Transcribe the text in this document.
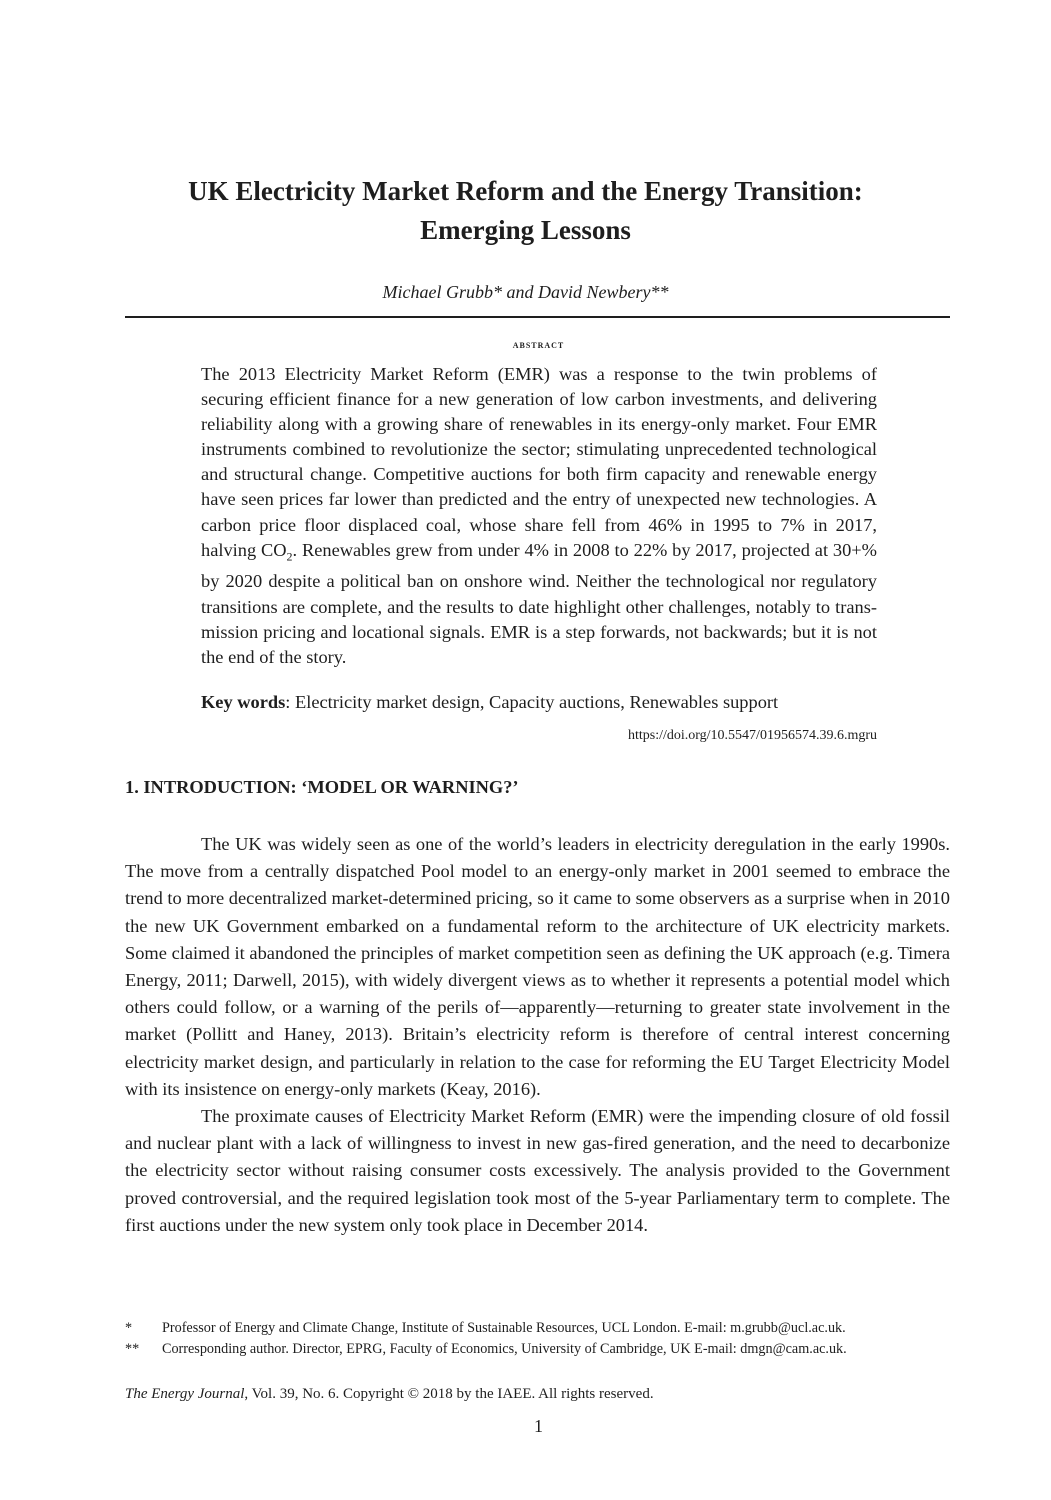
UK Electricity Market Reform and the Energy Transition:
Emerging Lessons
Michael Grubb* and David Newbery**
abstract
The 2013 Electricity Market Reform (EMR) was a response to the twin problems of securing efficient finance for a new generation of low carbon investments, and delivering reliability along with a growing share of renewables in its energy-only market. Four EMR instruments combined to revolutionize the sector; stimulating unprecedented technological and structural change. Competitive auctions for both firm capacity and renewable energy have seen prices far lower than predicted and the entry of unexpected new technologies. A carbon price floor displaced coal, whose share fell from 46% in 1995 to 7% in 2017, halving $CO_2$. Renewables grew from under 4% in 2008 to 22% by 2017, projected at 30+% by 2020 despite a political ban on onshore wind. Neither the technological nor regulatory transitions are complete, and the results to date highlight other challenges, notably to trans-mission pricing and locational signals. EMR is a step forwards, not backwards; but it is not the end of the story.
Key words: Electricity market design, Capacity auctions, Renewables support
https://doi.org/10.5547/01956574.39.6.mgru
1. INTRODUCTION: ‘MODEL OR WARNING?’

The UK was widely seen as one of the world’s leaders in electricity deregulation in the early 1990s. The move from a centrally dispatched Pool model to an energy-only market in 2001 seemed to embrace the trend to more decentralized market-determined pricing, so it came to some observers as a surprise when in 2010 the new UK Government embarked on a fundamental reform to the architecture of UK electricity markets. Some claimed it abandoned the principles of market competition seen as defining the UK approach (e.g. Timera Energy, 2011; Darwell, 2015), with widely divergent views as to whether it represents a potential model which others could follow, or a warning of the perils of—apparently—returning to greater state involvement in the market (Pollitt and Haney, 2013). Britain’s electricity reform is therefore of central interest concerning electricity market design, and particularly in relation to the case for reforming the EU Target Electricity Model with its insistence on energy-only markets (Keay, 2016).

The proximate causes of Electricity Market Reform (EMR) were the impending closure of old fossil and nuclear plant with a lack of willingness to invest in new gas-fired generation, and the need to decarbonize the electricity sector without raising consumer costs excessively. The analysis provided to the Government proved controversial, and the required legislation took most of the 5-year Parliamentary term to complete. The first auctions under the new system only took place in December 2014.

* Professor of Energy and Climate Change, Institute of Sustainable Resources, UCL London. E-mail: m.grubb@ucl.ac.uk.
** Corresponding author. Director, EPRG, Faculty of Economics, University of Cambridge, UK E-mail: dmgn@cam.ac.uk.
The Energy Journal, Vol. 39, No. 6. Copyright © 2018 by the IAEE. All rights reserved.
1
